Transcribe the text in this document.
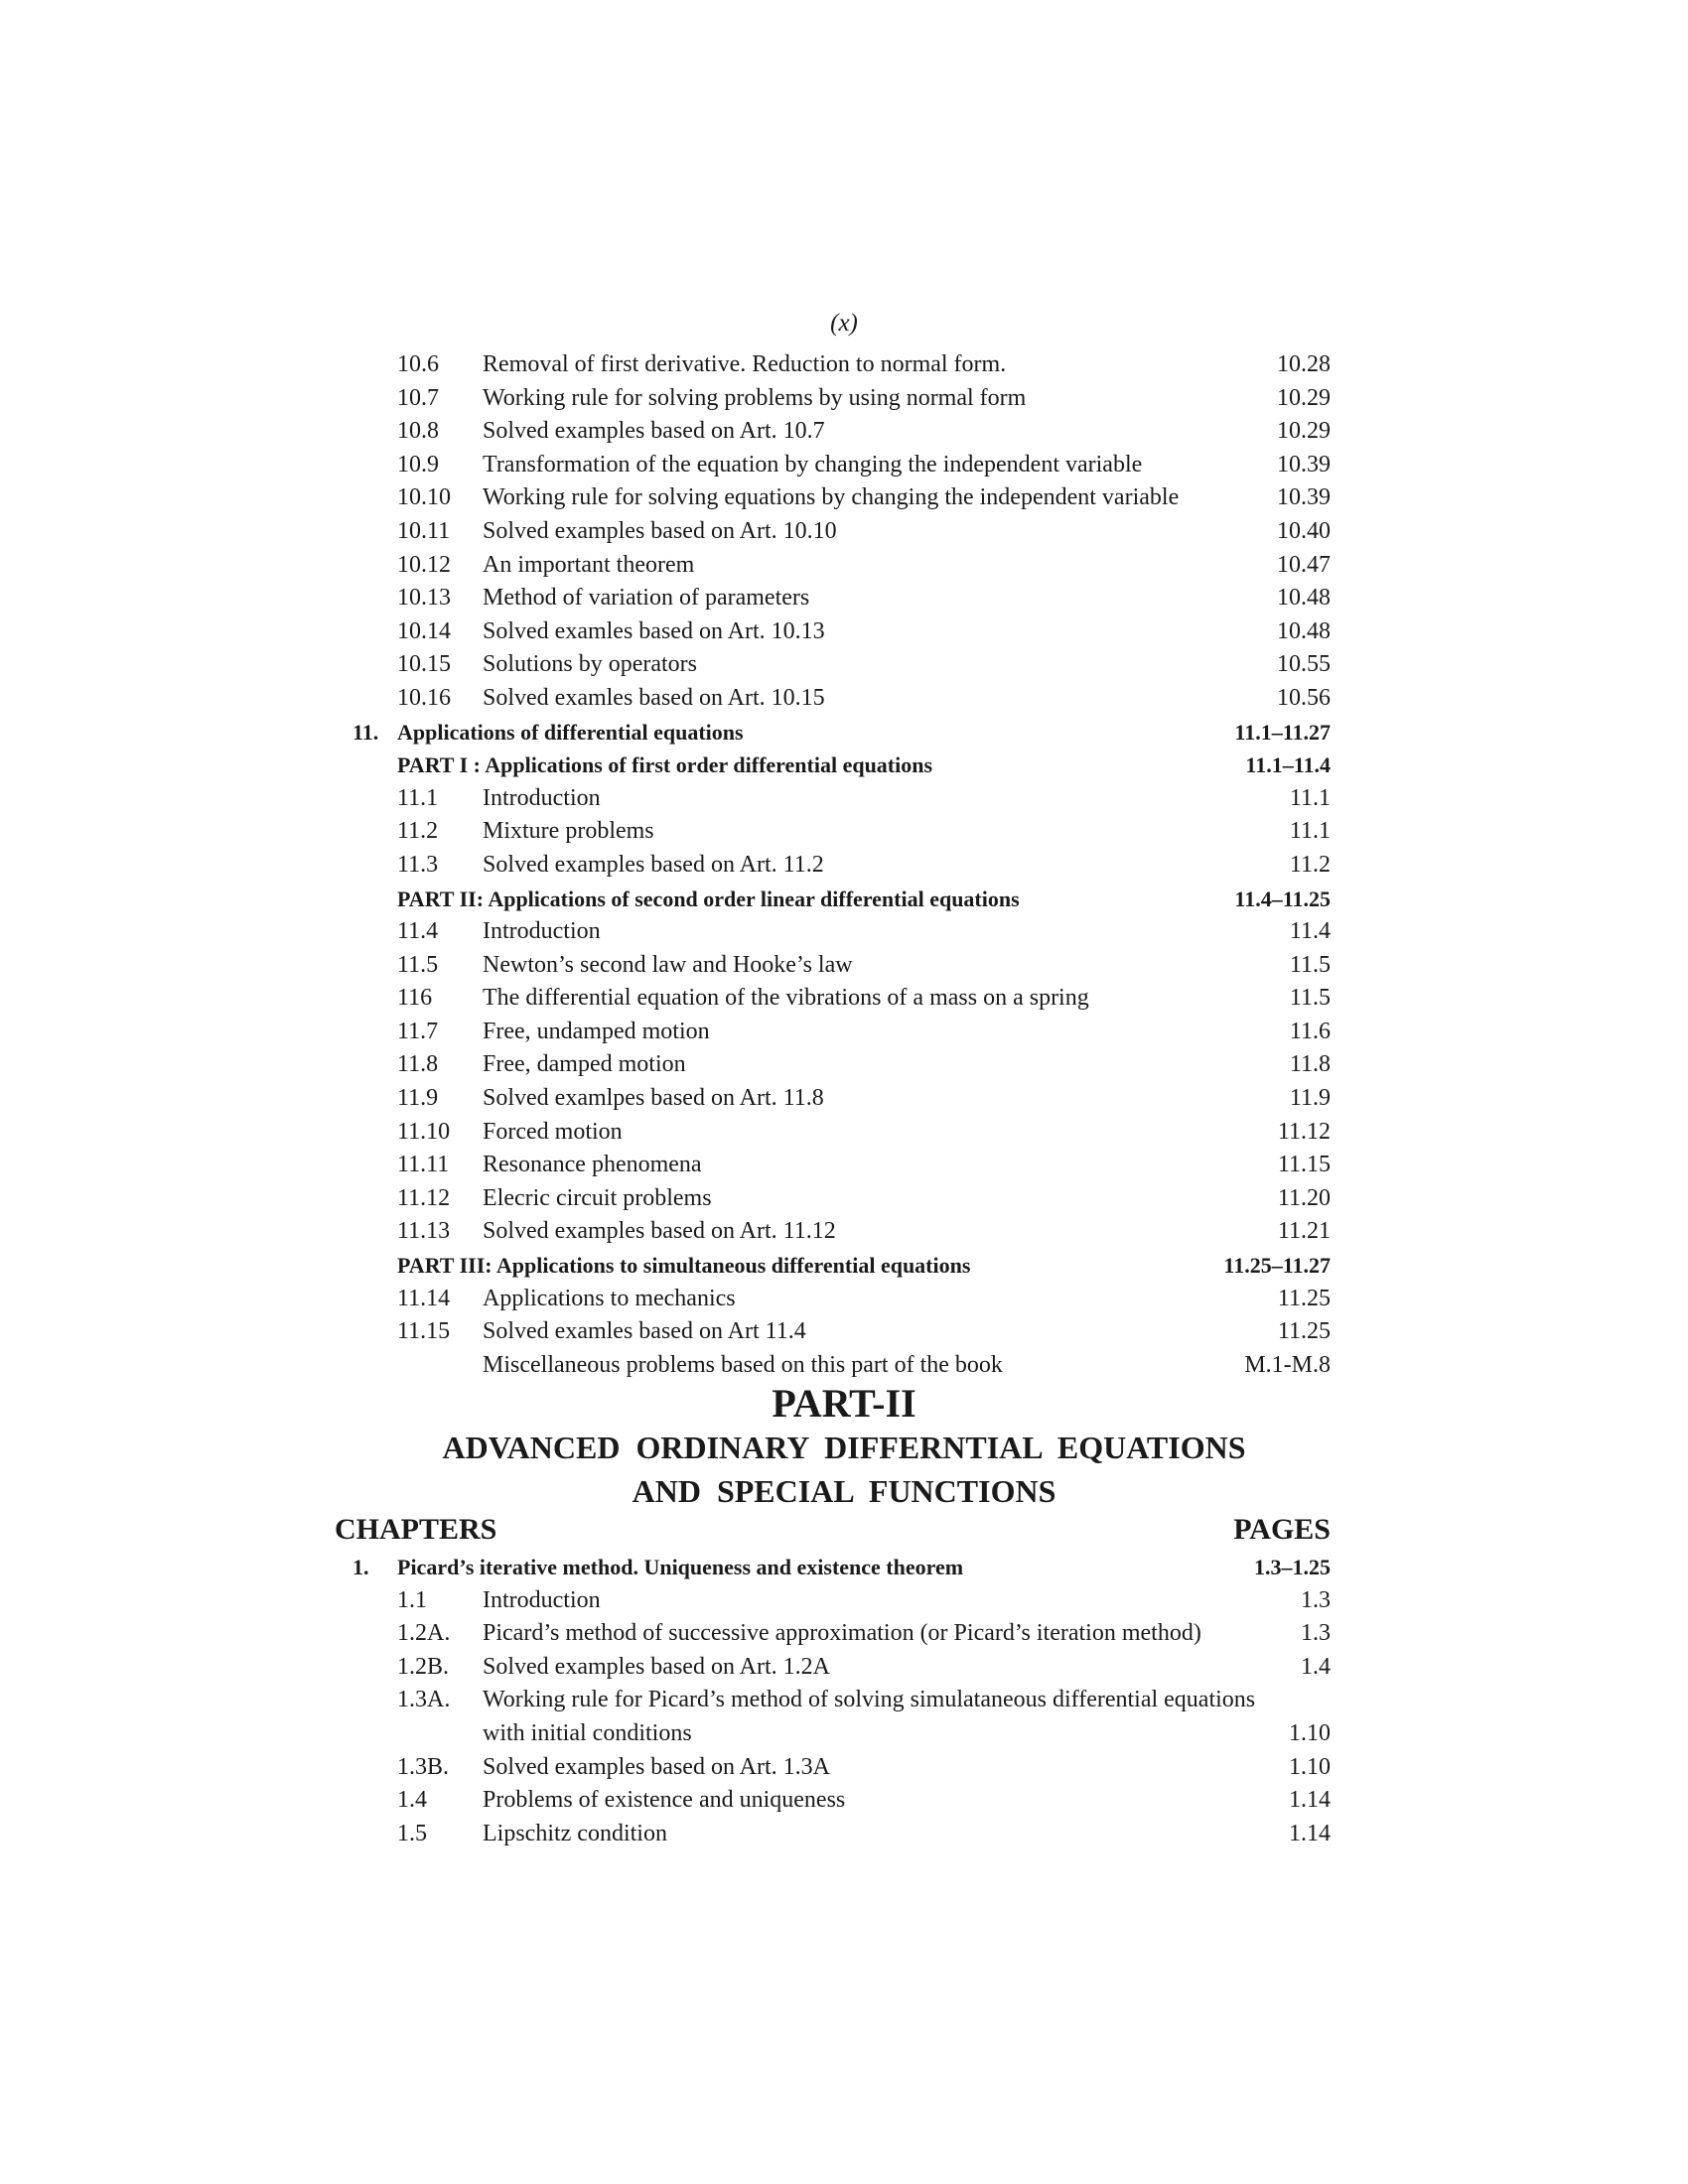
(x)
10.6	Removal of first derivative. Reduction to normal form.	10.28
10.7	Working rule for solving problems by using normal form	10.29
10.8	Solved examples based on Art. 10.7	10.29
10.9	Transformation of the equation by changing the independent variable	10.39
10.10	Working rule for solving equations by changing the independent variable	10.39
10.11	Solved examples based on Art. 10.10	10.40
10.12	An important theorem	10.47
10.13	Method of variation of parameters	10.48
10.14	Solved examles based on Art. 10.13	10.48
10.15	Solutions by operators	10.55
10.16	Solved examles based on Art. 10.15	10.56
11. Applications of differential equations	11.1–11.27
PART I : Applications of first order differential equations	11.1–11.4
11.1	Introduction	11.1
11.2	Mixture problems	11.1
11.3	Solved examples based on Art. 11.2	11.2
PART II: Applications of second order linear differential equations	11.4–11.25
11.4	Introduction	11.4
11.5	Newton’s second law and Hooke’s law	11.5
116	The differential equation of the vibrations of a mass on a spring	11.5
11.7	Free, undamped motion	11.6
11.8	Free, damped motion	11.8
11.9	Solved examlpes based on Art. 11.8	11.9
11.10	Forced motion	11.12
11.11	Resonance phenomena	11.15
11.12	Elecric circuit problems	11.20
11.13	Solved examples based on Art. 11.12	11.21
PART III: Applications to simultaneous differential equations	11.25–11.27
11.14	Applications to mechanics	11.25
11.15	Solved examles based on Art 11.4	11.25
Miscellaneous problems based on this part of the book	M.1-M.8
PART-II
ADVANCED ORDINARY DIFFERNTIAL EQUATIONS
AND SPECIAL FUNCTIONS
CHAPTERS	PAGES
1.	Picard’s iterative method. Uniqueness and existence theorem	1.3–1.25
1.1	Introduction	1.3
1.2A.	Picard’s method of successive approximation (or Picard’s iteration method)	1.3
1.2B.	Solved examples based on Art. 1.2A	1.4
1.3A.	Working rule for Picard’s method of solving simulataneous differential equations
with initial conditions	1.10
1.3B.	Solved examples based on Art. 1.3A	1.10
1.4	Problems of existence and uniqueness	1.14
1.5	Lipschitz condition	1.14
